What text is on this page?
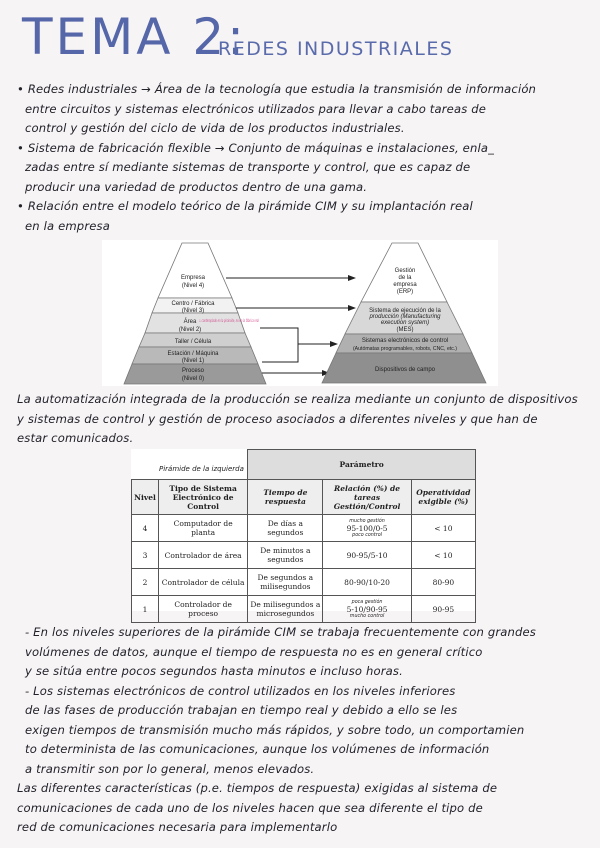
TEMA 2:
REDES INDUSTRIALES

• Redes industriales → Área de la tecnología que estudia la transmisión de información

entre circuitos y sistemas electrónicos utilizados para llevar a cabo tareas de

control y gestión del ciclo de vida de los productos industriales.

• Sistema de fabricación flexible → Conjunto de máquinas e instalaciones, enla_

zadas entre sí mediante sistemas de transporte y control, que es capaz de

producir una variedad de productos dentro de una gama.

• Relación entre el modelo teórico de la pirámide CIM y su implantación real

en la empresa

Empresa
(Nivel 4)
Centro / Fábrica
(Nivel 3)
Área
(Nivel 2)
Taller / Célula
Estación / Máquina
(Nivel 1)
Proceso
(Nivel 0)
↓ contemplado en la pirámide, no en la fábrica real
Gestión
de la
empresa
(ERP)
Sistema de ejecución de la
producción (Manufacturing
execution system)
(MES)
Sistemas electrónicos de control
(Autómatas programables, robots, CNC, etc.)
Dispositivos de campo

La automatización integrada de la producción se realiza mediante un conjunto de dispositivos

y sistemas de control y gestión de proceso asociados a diferentes niveles y que han de

estar comunicados.

Pirámide de la izquierda
		Parámetro		
Nivel	Tipo de Sistema Electrónico de Control	Tiempo de respuesta	Relación (%) de tareas Gestión/Control	Operatividad exigible (%)
4	Computador de planta	De días a segundos	mucho gestión
95-100/0-5
poco control	< 10
3	Controlador de área	De minutos a segundos	90-95/5-10	< 10
2	Controlador de célula	De segundos a milisegundos	80-90/10-20	80-90
1	Controlador de proceso	De milisegundos a microsegundos	poca gestión
5-10/90-95
mucho control	90-95

- En los niveles superiores de la pirámide CIM se trabaja frecuentemente con grandes

volúmenes de datos, aunque el tiempo de respuesta no es en general crítico

y se sitúa entre pocos segundos hasta minutos e incluso horas.

- Los sistemas electrónicos de control utilizados en los niveles inferiores

de las fases de producción trabajan en tiempo real y debido a ello se les

exigen tiempos de transmisión mucho más rápidos, y sobre todo, un comportamien

to determinista de las comunicaciones, aunque los volúmenes de información

a transmitir son por lo general, menos elevados.

Las diferentes características (p.e. tiempos de respuesta) exigidas al sistema de

comunicaciones de cada uno de los niveles hacen que sea diferente el tipo de

red de comunicaciones necesaria para implementarlo
